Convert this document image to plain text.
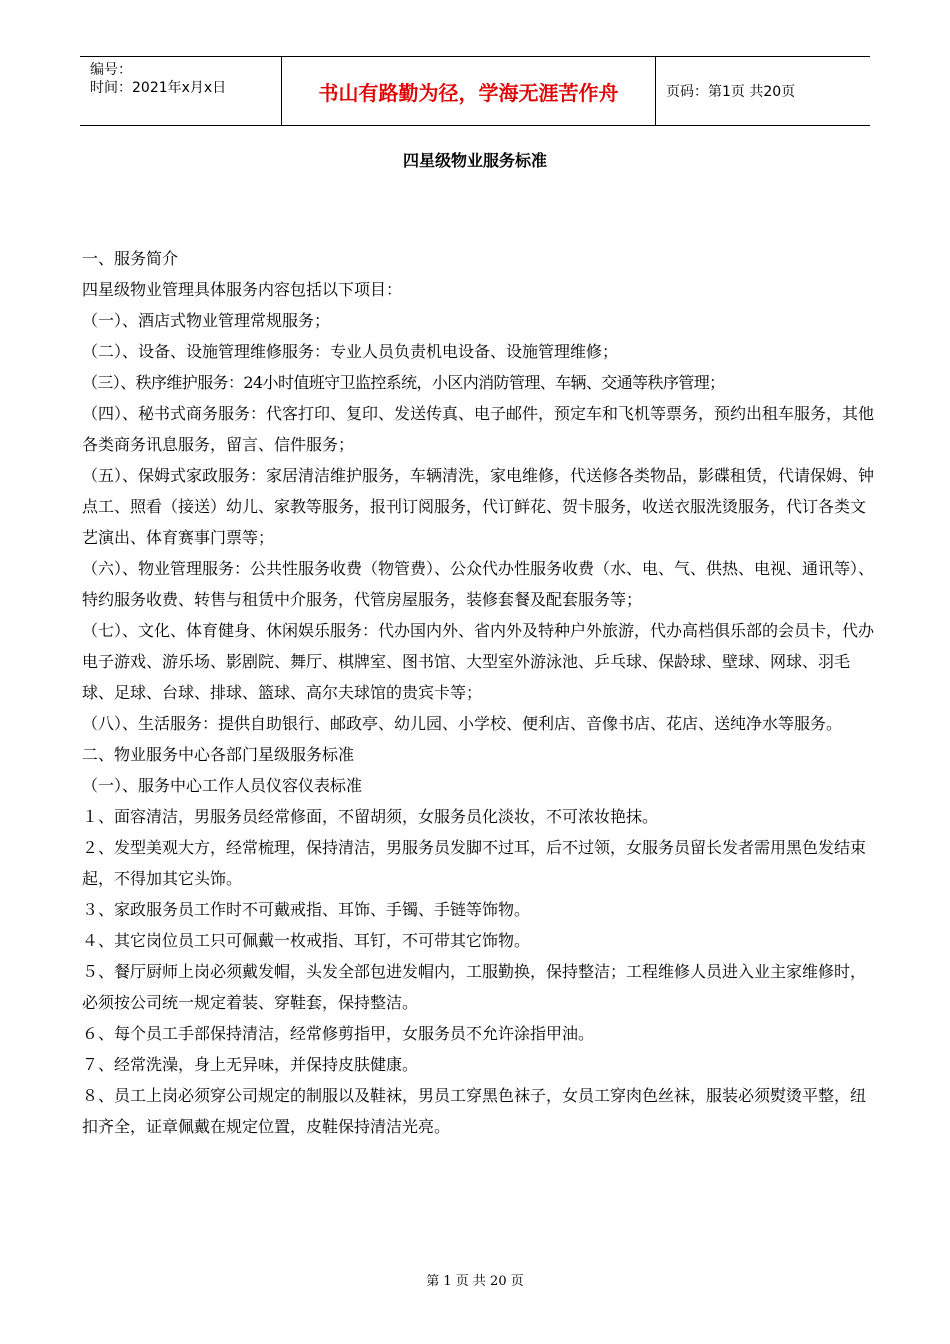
编号：
时间：2021年x月x日	书山有路勤为径，学海无涯苦作舟	页码：第1页 共20页
四星级物业服务标准

一、服务简介

四星级物业管理具体服务内容包括以下项目：

（一）、酒店式物业管理常规服务；

（二）、设备、设施管理维修服务：专业人员负责机电设备、设施管理维修；

（三）、秩序维护服务：24小时值班守卫监控系统，小区内消防管理、车辆、交通等秩序管理；

（四）、秘书式商务服务：代客打印、复印、发送传真、电子邮件，预定车和飞机等票务，预约出租车服务，其他各类商务讯息服务，留言、信件服务；

（五）、保姆式家政服务：家居清洁维护服务，车辆清洗，家电维修，代送修各类物品，影碟租赁，代请保姆、钟点工、照看（接送）幼儿、家教等服务，报刊订阅服务，代订鲜花、贺卡服务，收送衣服洗烫服务，代订各类文艺演出、体育赛事门票等；

（六）、物业管理服务：公共性服务收费（物管费）、公众代办性服务收费（水、电、气、供热、电视、通讯等）、特约服务收费、转售与租赁中介服务，代管房屋服务，装修套餐及配套服务等；

（七）、文化、体育健身、休闲娱乐服务：代办国内外、省内外及特种户外旅游，代办高档俱乐部的会员卡，代办电子游戏、游乐场、影剧院、舞厅、棋牌室、图书馆、大型室外游泳池、乒乓球、保龄球、壁球、网球、羽毛球、足球、台球、排球、篮球、高尔夫球馆的贵宾卡等；

（八）、生活服务：提供自助银行、邮政亭、幼儿园、小学校、便利店、音像书店、花店、送纯净水等服务。

二、物业服务中心各部门星级服务标准

（一）、服务中心工作人员仪容仪表标准

１、面容清洁，男服务员经常修面，不留胡须，女服务员化淡妆，不可浓妆艳抹。

２、发型美观大方，经常梳理，保持清洁，男服务员发脚不过耳，后不过领，女服务员留长发者需用黑色发结束起，不得加其它头饰。

３、家政服务员工作时不可戴戒指、耳饰、手镯、手链等饰物。

４、其它岗位员工只可佩戴一枚戒指、耳钉，不可带其它饰物。

５、餐厅厨师上岗必须戴发帽，头发全部包进发帽内，工服勤换，保持整洁；工程维修人员进入业主家维修时，必须按公司统一规定着装、穿鞋套，保持整洁。

６、每个员工手部保持清洁，经常修剪指甲，女服务员不允许涂指甲油。

７、经常洗澡，身上无异味，并保持皮肤健康。

８、员工上岗必须穿公司规定的制服以及鞋袜，男员工穿黑色袜子，女员工穿肉色丝袜，服装必须熨烫平整，纽扣齐全，证章佩戴在规定位置，皮鞋保持清洁光亮。

第 1 页 共 20 页
